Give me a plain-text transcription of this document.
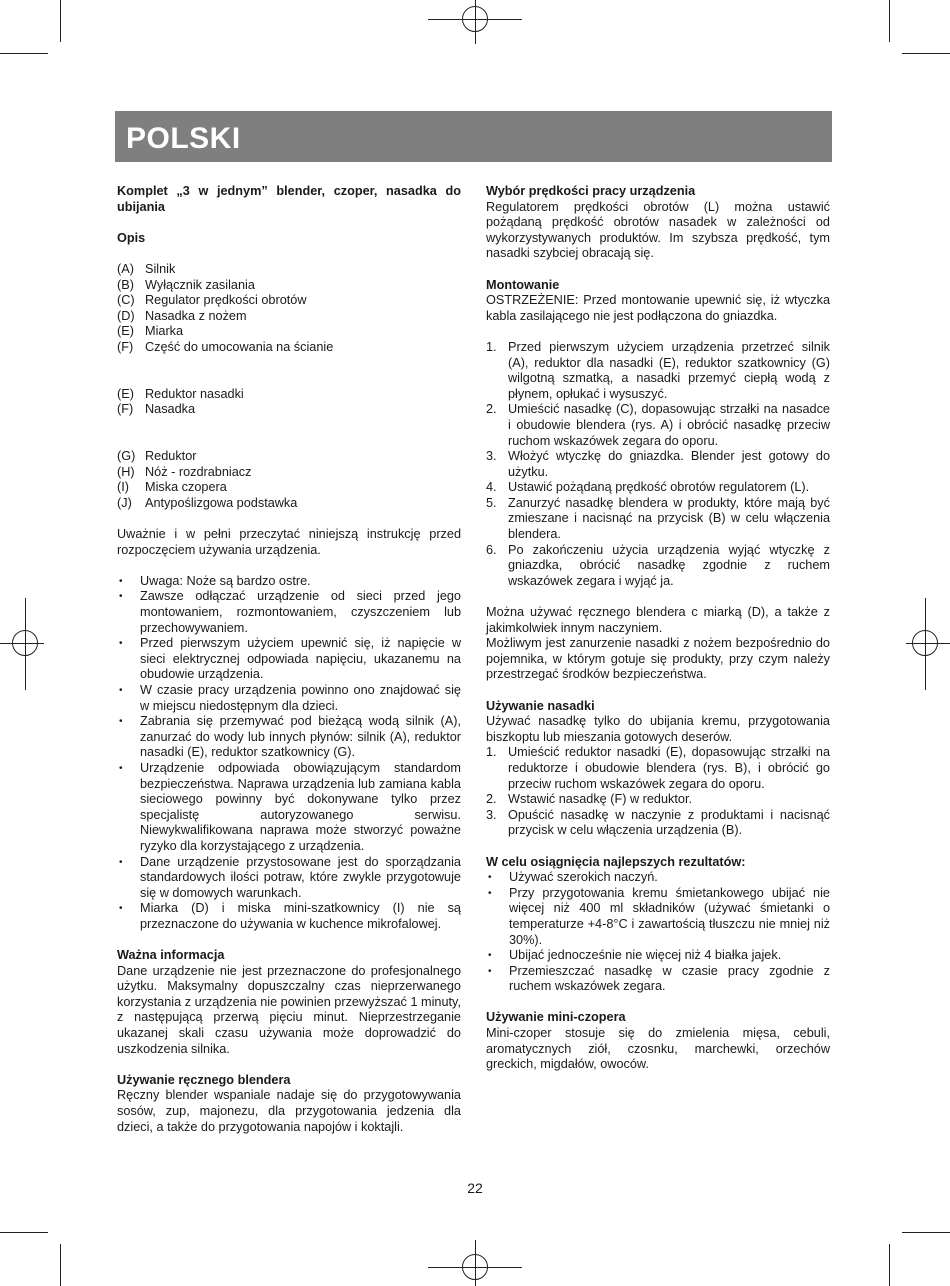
POLSKI

Komplet „3 w jednym” blender, czoper, nasadka do ubijania

Opis

(A) Silnik
(B) Wyłącznik zasilania
(C) Regulator prędkości obrotów
(D) Nasadka z nożem
(E) Miarka
(F) Część do umocowania na ścianie
(E) Reduktor nasadki
(F) Nasadka
(G) Reduktor
(H) Nóż - rozdrabniacz
(I) Miska czopera
(J) Antypoślizgowa podstawka

Uważnie i w pełni przeczytać niniejszą instrukcję przed rozpoczęciem używania urządzenia.

• Uwaga: Noże są bardzo ostre.
• Zawsze odłączać urządzenie od sieci przed jego montowaniem, rozmontowaniem, czyszczeniem lub przechowywaniem.
• Przed pierwszym użyciem upewnić się, iż napięcie w sieci elektrycznej odpowiada napięciu, ukazanemu na obudowie urządzenia.
• W czasie pracy urządzenia powinno ono znajdować się w miejscu niedostępnym dla dzieci.
• Zabrania się przemywać pod bieżącą wodą silnik (A), zanurzać do wody lub innych płynów: silnik (A), reduktor nasadki (E), reduktor szatkownicy (G).
• Urządzenie odpowiada obowiązującym standardom bezpieczeństwa. Naprawa urządzenia lub zamiana kabla sieciowego powinny być dokonywane tylko przez specjalistę autoryzowanego serwisu. Niewykwalifikowana naprawa może stworzyć poważne ryzyko dla korzystającego z urządzenia.
• Dane urządzenie przystosowane jest do sporządzania standardowych ilości potraw, które zwykle przygotowuje się w domowych warunkach.
• Miarka (D) i miska mini-szatkownicy (I) nie są przeznaczone do używania w kuchence mikrofalowej.

Ważna informacja

Dane urządzenie nie jest przeznaczone do profesjonalnego użytku. Maksymalny dopuszczalny czas nieprzerwanego korzystania z urządzenia nie powinien przewyższać 1 minuty, z następującą przerwą pięciu minut. Nieprzestrzeganie ukazanej skali czasu używania może doprowadzić do uszkodzenia silnika.

Używanie ręcznego blendera

Ręczny blender wspaniale nadaje się do przygotowywania sosów, zup, majonezu, dla przygotowania jedzenia dla dzieci, a także do przygotowania napojów i koktajli.

Wybór prędkości pracy urządzenia

Regulatorem prędkości obrotów (L) można ustawić pożądaną prędkość obrotów nasadek w zależności od wykorzystywanych produktów. Im szybsza prędkość, tym nasadki szybciej obracają się.

Montowanie

OSTRZEŻENIE: Przed montowanie upewnić się, iż wtyczka kabla zasilającego nie jest podłączona do gniazdka.

1. Przed pierwszym użyciem urządzenia przetrzeć silnik (A), reduktor dla nasadki (E), reduktor szatkownicy (G) wilgotną szmatką, a nasadki przemyć ciepłą wodą z płynem, opłukać i wysuszyć.
2. Umieścić nasadkę (C), dopasowując strzałki na nasadce i obudowie blendera (rys. A) i obrócić nasadkę przeciw ruchom wskazówek zegara do oporu.
3. Włożyć wtyczkę do gniazdka. Blender jest gotowy do użytku.
4. Ustawić pożądaną prędkość obrotów regulatorem (L).
5. Zanurzyć nasadkę blendera w produkty, które mają być zmieszane i nacisnąć na przycisk (B) w celu włączenia blendera.
6. Po zakończeniu użycia urządzenia wyjąć wtyczkę z gniazdka, obrócić nasadkę zgodnie z ruchem wskazówek zegara i wyjąć ja.

Można używać ręcznego blendera c miarką (D), a także z jakimkolwiek innym naczyniem.

Możliwym jest zanurzenie nasadki z nożem bezpośrednio do pojemnika, w którym gotuje się produkty, przy czym należy przestrzegać środków bezpieczeństwa.

Używanie nasadki

Używać nasadkę tylko do ubijania kremu, przygotowania biszkoptu lub mieszania gotowych deserów.

1. Umieścić reduktor nasadki (E), dopasowując strzałki na reduktorze i obudowie blendera (rys. B), i obrócić go przeciw ruchom wskazówek zegara do oporu.
2. Wstawić nasadkę (F) w reduktor.
3. Opuścić nasadkę w naczynie z produktami i nacisnąć przycisk w celu włączenia urządzenia (B).

W celu osiągnięcia najlepszych rezultatów:

• Używać szerokich naczyń.
• Przy przygotowania kremu śmietankowego ubijać nie więcej niż 400 ml składników (używać śmietanki o temperaturze +4-8°C i zawartością tłuszczu nie mniej niż 30%).
• Ubijać jednocześnie nie więcej niż 4 białka jajek.
• Przemieszczać nasadkę w czasie pracy zgodnie z ruchem wskazówek zegara.

Używanie mini-czopera

Mini-czoper stosuje się do zmielenia mięsa, cebuli, aromatycznych ziół, czosnku, marchewki, orzechów greckich, migdałów, owoców.

22
